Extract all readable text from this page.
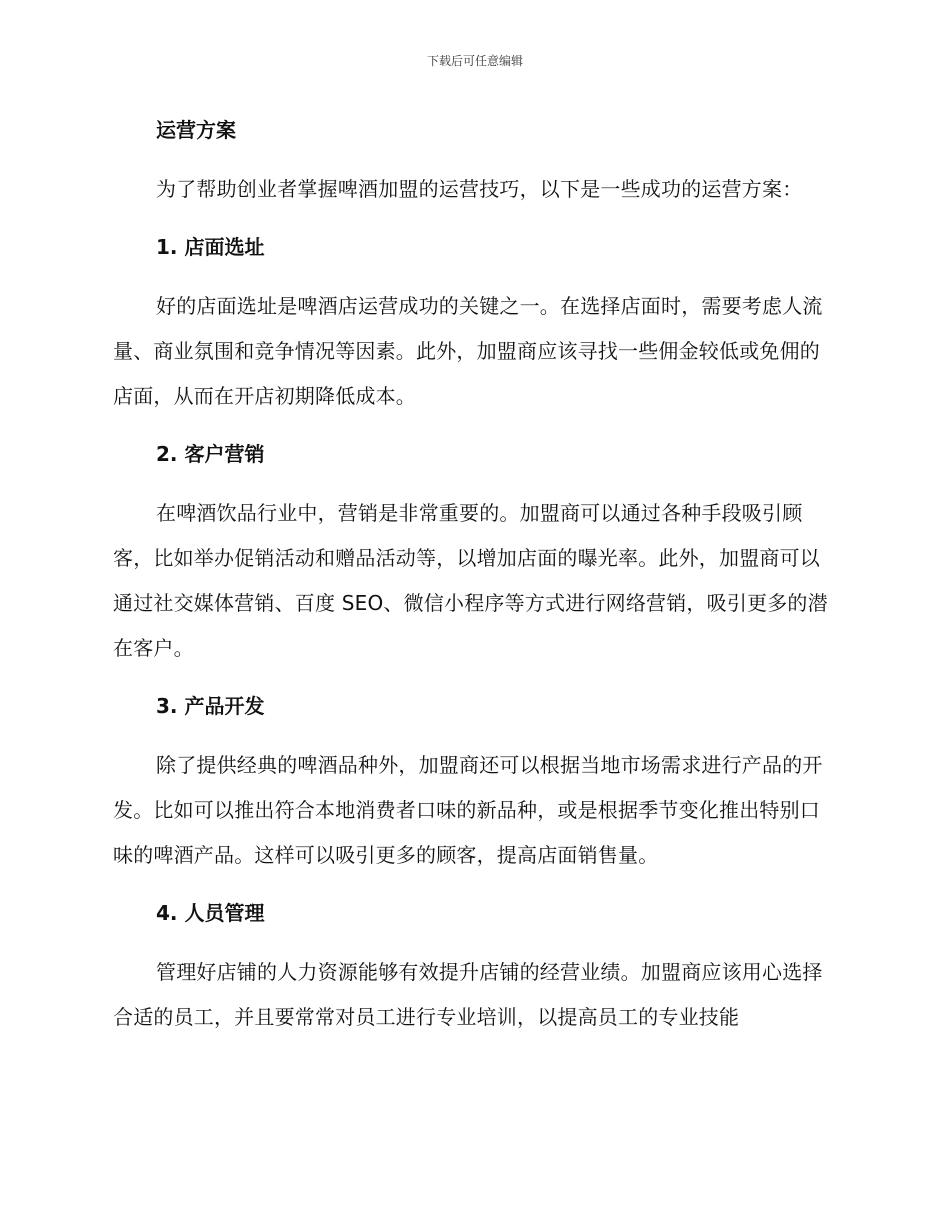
下载后可任意编辑
运营方案

为了帮助创业者掌握啤酒加盟的运营技巧，以下是一些成功的运营方案：

1. 店面选址

好的店面选址是啤酒店运营成功的关键之一。在选择店面时，需要考虑人流量、商业氛围和竞争情况等因素。此外，加盟商应该寻找一些佣金较低或免佣的店面，从而在开店初期降低成本。

2. 客户营销

在啤酒饮品行业中，营销是非常重要的。加盟商可以通过各种手段吸引顾客，比如举办促销活动和赠品活动等，以增加店面的曝光率。此外，加盟商可以通过社交媒体营销、百度 SEO、微信小程序等方式进行网络营销，吸引更多的潜在客户。

3. 产品开发

除了提供经典的啤酒品种外，加盟商还可以根据当地市场需求进行产品的开发。比如可以推出符合本地消费者口味的新品种，或是根据季节变化推出特别口味的啤酒产品。这样可以吸引更多的顾客，提高店面销售量。

4. 人员管理

管理好店铺的人力资源能够有效提升店铺的经营业绩。加盟商应该用心选择合适的员工，并且要常常对员工进行专业培训，以提高员工的专业技能
